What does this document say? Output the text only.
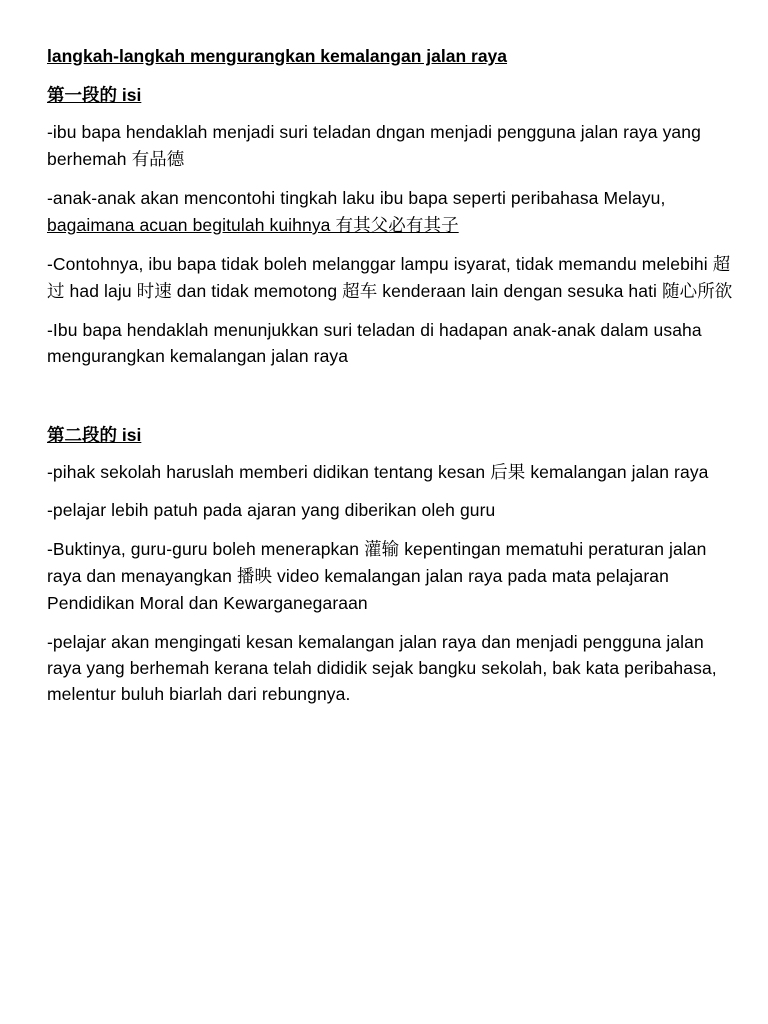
langkah-langkah mengurangkan kemalangan jalan raya
第一段的 isi

-ibu bapa hendaklah menjadi suri teladan dngan menjadi pengguna jalan raya yang berhemah 有品德

-anak-anak akan mencontohi tingkah laku ibu bapa seperti peribahasa Melayu, bagaimana acuan begitulah kuihnya 有其父必有其子

-Contohnya, ibu bapa tidak boleh melanggar lampu isyarat, tidak memandu melebihi 超过 had laju 时速 dan tidak memotong 超车 kenderaan lain dengan sesuka hati 随心所欲

-Ibu bapa hendaklah menunjukkan suri teladan di hadapan anak-anak dalam usaha mengurangkan kemalangan jalan raya

第二段的 isi

-pihak sekolah haruslah memberi didikan tentang kesan 后果 kemalangan jalan raya

-pelajar lebih patuh pada ajaran yang diberikan oleh guru

-Buktinya, guru-guru boleh menerapkan 灌输 kepentingan mematuhi peraturan jalan raya dan menayangkan 播映 video kemalangan jalan raya pada mata pelajaran Pendidikan Moral dan Kewarganegaraan

-pelajar akan mengingati kesan kemalangan jalan raya dan menjadi pengguna jalan raya yang berhemah kerana telah dididik sejak bangku sekolah, bak kata peribahasa, melentur buluh biarlah dari rebungnya.
